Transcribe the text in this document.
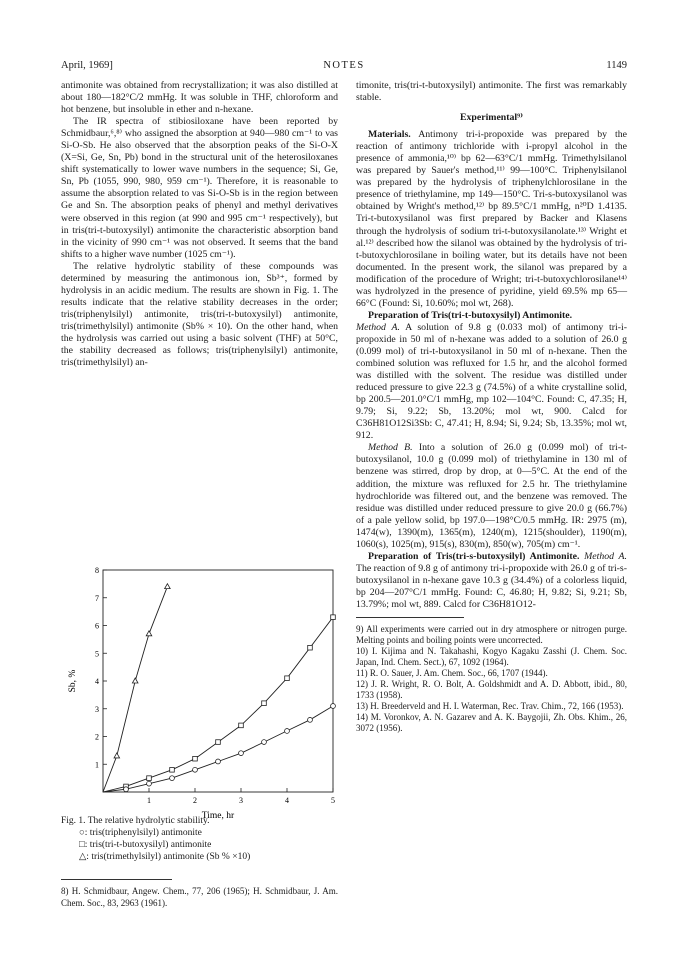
April, 1969]	NOTES	1149

antimonite was obtained from recrystallization; it was also distilled at about 180—182°C/2 mmHg. It was soluble in THF, chloroform and hot benzene, but insoluble in ether and n-hexane.

The IR spectra of stibiosiloxane have been reported by Schmidbaur,⁶,⁸⁾ who assigned the absorption at 940—980 cm⁻¹ to νas Si-O-Sb. He also observed that the absorption peaks of the Si-O-X (X=Si, Ge, Sn, Pb) bond in the structural unit of the heterosiloxanes shift systematically to lower wave numbers in the sequence; Si, Ge, Sn, Pb (1055, 990, 980, 959 cm⁻¹). Therefore, it is reasonable to assume the absorption related to νas Si-O-Sb is in the region between Ge and Sn. The absorption peaks of phenyl and methyl derivatives were observed in this region (at 990 and 995 cm⁻¹ respectively), but in tris(tri-t-butoxysilyl) antimonite the characteristic absorption band in the vicinity of 990 cm⁻¹ was not observed. It seems that the band shifts to a higher wave number (1025 cm⁻¹).

The relative hydrolytic stability of these compounds was determined by measuring the antimonous ion, Sb³⁺, formed by hydrolysis in an acidic medium. The results are shown in Fig. 1. The results indicate that the relative stability decreases in the order; tris(triphenylsilyl) antimonite, tris(tri-t-butoxysilyl) antimonite, tris(trimethylsilyl) antimonite (Sb% × 10). On the other hand, when the hydrolysis was carried out using a basic solvent (THF) at 50°C, the stability decreased as follows; tris(triphenylsilyl) antimonite, tris(trimethylsilyl) an-

1	2	3	4	5
1
2
3
4
5
6
7
8
Time, hr
Sb, %
Fig. 1. The relative hydrolytic stability.
○: tris(triphenylsilyl) antimonite
□: tris(tri-t-butoxysilyl) antimonite
△: tris(trimethylsilyl) antimonite (Sb % ×10)
8) H. Schmidbaur, Angew. Chem., 77, 206 (1965); H. Schmidbaur, J. Am. Chem. Soc., 83, 2963 (1961).

timonite, tris(tri-t-butoxysilyl) antimonite. The first was remarkably stable.

Experimental⁹⁾

Materials. Antimony tri-i-propoxide was prepared by the reaction of antimony trichloride with i-propyl alcohol in the presence of ammonia,¹⁰⁾ bp 62—63°C/1 mmHg. Trimethylsilanol was prepared by Sauer's method,¹¹⁾ 99—100°C. Triphenylsilanol was prepared by the hydrolysis of triphenylchlorosilane in the presence of triethylamine, mp 149—150°C. Tri-s-butoxysilanol was obtained by Wright's method,¹²⁾ bp 89.5°C/1 mmHg, n²⁰D 1.4135. Tri-t-butoxysilanol was first prepared by Backer and Klasens through the hydrolysis of sodium tri-t-butoxysilanolate.¹³⁾ Wright et al.¹²⁾ described how the silanol was obtained by the hydrolysis of tri-t-butoxychlorosilane in boiling water, but its details have not been documented. In the present work, the silanol was prepared by a modification of the procedure of Wright; tri-t-butoxychlorosilane¹⁴⁾ was hydrolyzed in the presence of pyridine, yield 69.5% mp 65—66°C (Found: Si, 10.60%; mol wt, 268).

Preparation of Tris(tri-t-butoxysilyl) Antimonite.

Method A. A solution of 9.8 g (0.033 mol) of antimony tri-i-propoxide in 50 ml of n-hexane was added to a solution of 26.0 g (0.099 mol) of tri-t-butoxysilanol in 50 ml of n-hexane. Then the combined solution was refluxed for 1.5 hr, and the alcohol formed was distilled with the solvent. The residue was distilled under reduced pressure to give 22.3 g (74.5%) of a white crystalline solid, bp 200.5—201.0°C/1 mmHg, mp 102—104°C. Found: C, 47.35; H, 9.79; Si, 9.22; Sb, 13.20%; mol wt, 900. Calcd for C36H81O12Si3Sb: C, 47.41; H, 8.94; Si, 9.24; Sb, 13.35%; mol wt, 912.

Method B. Into a solution of 26.0 g (0.099 mol) of tri-t-butoxysilanol, 10.0 g (0.099 mol) of triethylamine in 130 ml of benzene was stirred, drop by drop, at 0—5°C. At the end of the addition, the mixture was refluxed for 2.5 hr. The triethylamine hydrochloride was filtered out, and the benzene was removed. The residue was distilled under reduced pressure to give 20.0 g (66.7%) of a pale yellow solid, bp 197.0—198°C/0.5 mmHg. IR: 2975 (m), 1474(w), 1390(m), 1365(m), 1240(m), 1215(shoulder), 1190(m), 1060(s), 1025(m), 915(s), 830(m), 850(w), 705(m) cm⁻¹.

Preparation of Tris(tri-s-butoxysilyl) Antimonite. Method A. The reaction of 9.8 g of antimony tri-i-propoxide with 26.0 g of tri-s-butoxysilanol in n-hexane gave 10.3 g (34.4%) of a colorless liquid, bp 204—207°C/1 mmHg. Found: C, 46.80; H, 9.82; Si, 9.21; Sb, 13.79%; mol wt, 889. Calcd for C36H81O12-

9) All experiments were carried out in dry atmosphere or nitrogen purge. Melting points and boiling points were uncorrected.
10) I. Kijima and N. Takahashi, Kogyo Kagaku Zasshi (J. Chem. Soc. Japan, Ind. Chem. Sect.), 67, 1092 (1964).
11) R. O. Sauer, J. Am. Chem. Soc., 66, 1707 (1944).
12) J. R. Wright, R. O. Bolt, A. Goldshmidt and A. D. Abbott, ibid., 80, 1733 (1958).
13) H. Breederveld and H. I. Waterman, Rec. Trav. Chim., 72, 166 (1953).
14) M. Voronkov, A. N. Gazarev and A. K. Baygojii, Zh. Obs. Khim., 26, 3072 (1956).
